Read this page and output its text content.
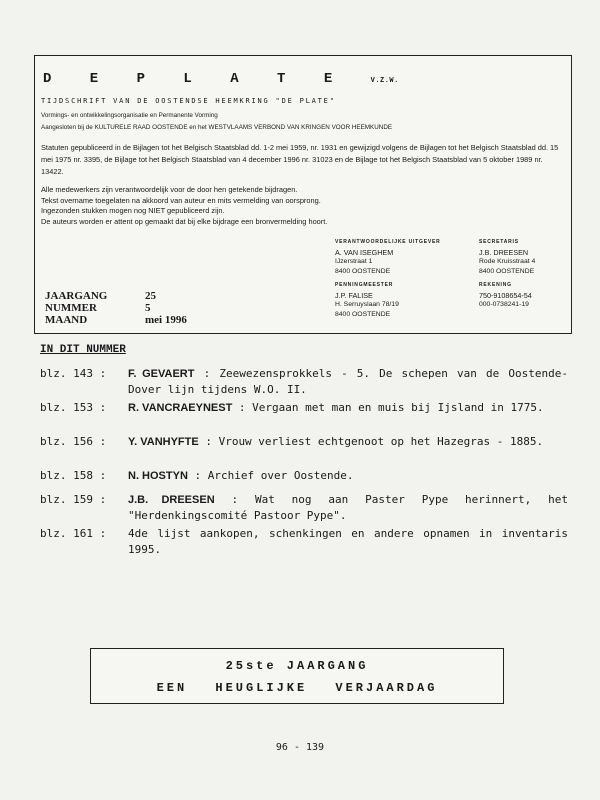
D E P L A T E	V.Z.W.
TIJDSCHRIFT VAN DE OOSTENDSE HEEMKRING "DE PLATE"
Vormings- en ontwikkelingsorganisatie en Permanente Vorming
Aangesloten bij de KULTURELE RAAD OOSTENDE en het WESTVLAAMS VERBOND VAN KRINGEN VOOR HEEMKUNDE
Statuten gepubliceerd in de Bijlagen tot het Belgisch Staatsblad dd. 1-2 mei 1959, nr. 1931 en gewijzigd volgens de Bijlagen tot het Belgisch Staatsblad dd. 15 mei 1975 nr. 3395, de Bijlage tot het Belgisch Staatsblad van 4 december 1996 nr. 31023 en de Bijlage tot het Belgisch Staatsblad van 5 oktober 1989 nr. 13422.
Alle medewerkers zijn verantwoordelijk voor de door hen getekende bijdragen.
Tekst overname toegelaten na akkoord van auteur en mits vermelding van oorsprong.
Ingezonden stukken mogen nog NIET gepubliceerd zijn.
De auteurs worden er attent op gemaakt dat bij elke bijdrage een bronvermelding hoort.
VERANTWOORDELIJKE UITGEVER
A. VAN ISEGHEM
IJzerstraat 1
8400 OOSTENDE
SECRETARIS
J.B. DREESEN
Rode Kruisstraat 4
8400 OOSTENDE
PENNINGMEESTER
J.P. FALISE
H. Serruyslaan 78/19
8400 OOSTENDE
REKENING
750-9108654-54
000-0738241-19
JAARGANG	25
NUMMER	5
MAAND	mei 1996
IN DIT NUMMER
blz. 143 :	F. GEVAERT : Zeewezensprokkels - 5. De schepen van de Oostende-Dover lijn tijdens W.O. II.
blz. 153 :	R. VANCRAEYNEST : Vergaan met man en muis bij Ijsland in 1775.
blz. 156 :	Y. VANHYFTE : Vrouw verliest echtgenoot op het Hazegras - 1885.
blz. 158 :	N. HOSTYN : Archief over Oostende.
blz. 159 :	J.B. DREESEN : Wat nog aan Paster Pype herinnert, het "Herdenkingscomité Pastoor Pype".
blz. 161 :	4de lijst aankopen, schenkingen en andere opnamen in inventaris 1995.
25ste JAARGANG
EEN HEUGLIJKE VERJAARDAG
96 - 139
